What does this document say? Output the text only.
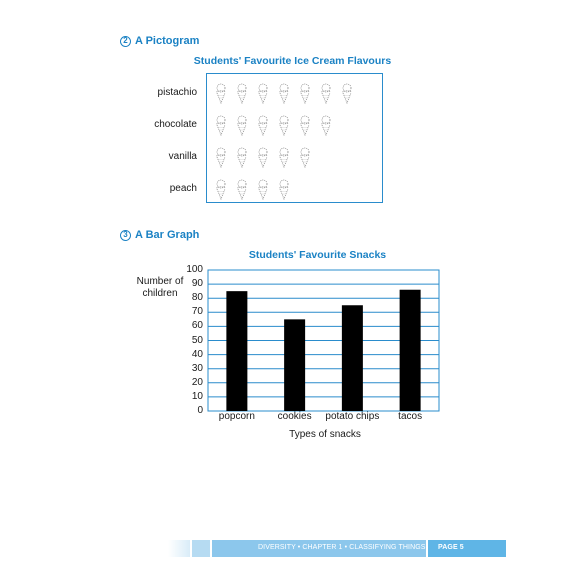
2 A Pictogram
Students' Favourite Ice Cream Flavours
pistachio
chocolate
vanilla
peach
3 A Bar Graph
Students' Favourite Snacks
Number of children
0
10
20
30
40
50
60
70
80
90
100
popcorn	cookies	potato chips	tacos
Types of snacks
DIVERSITY • CHAPTER 1 • CLASSIFYING THINGS PAGE 5
